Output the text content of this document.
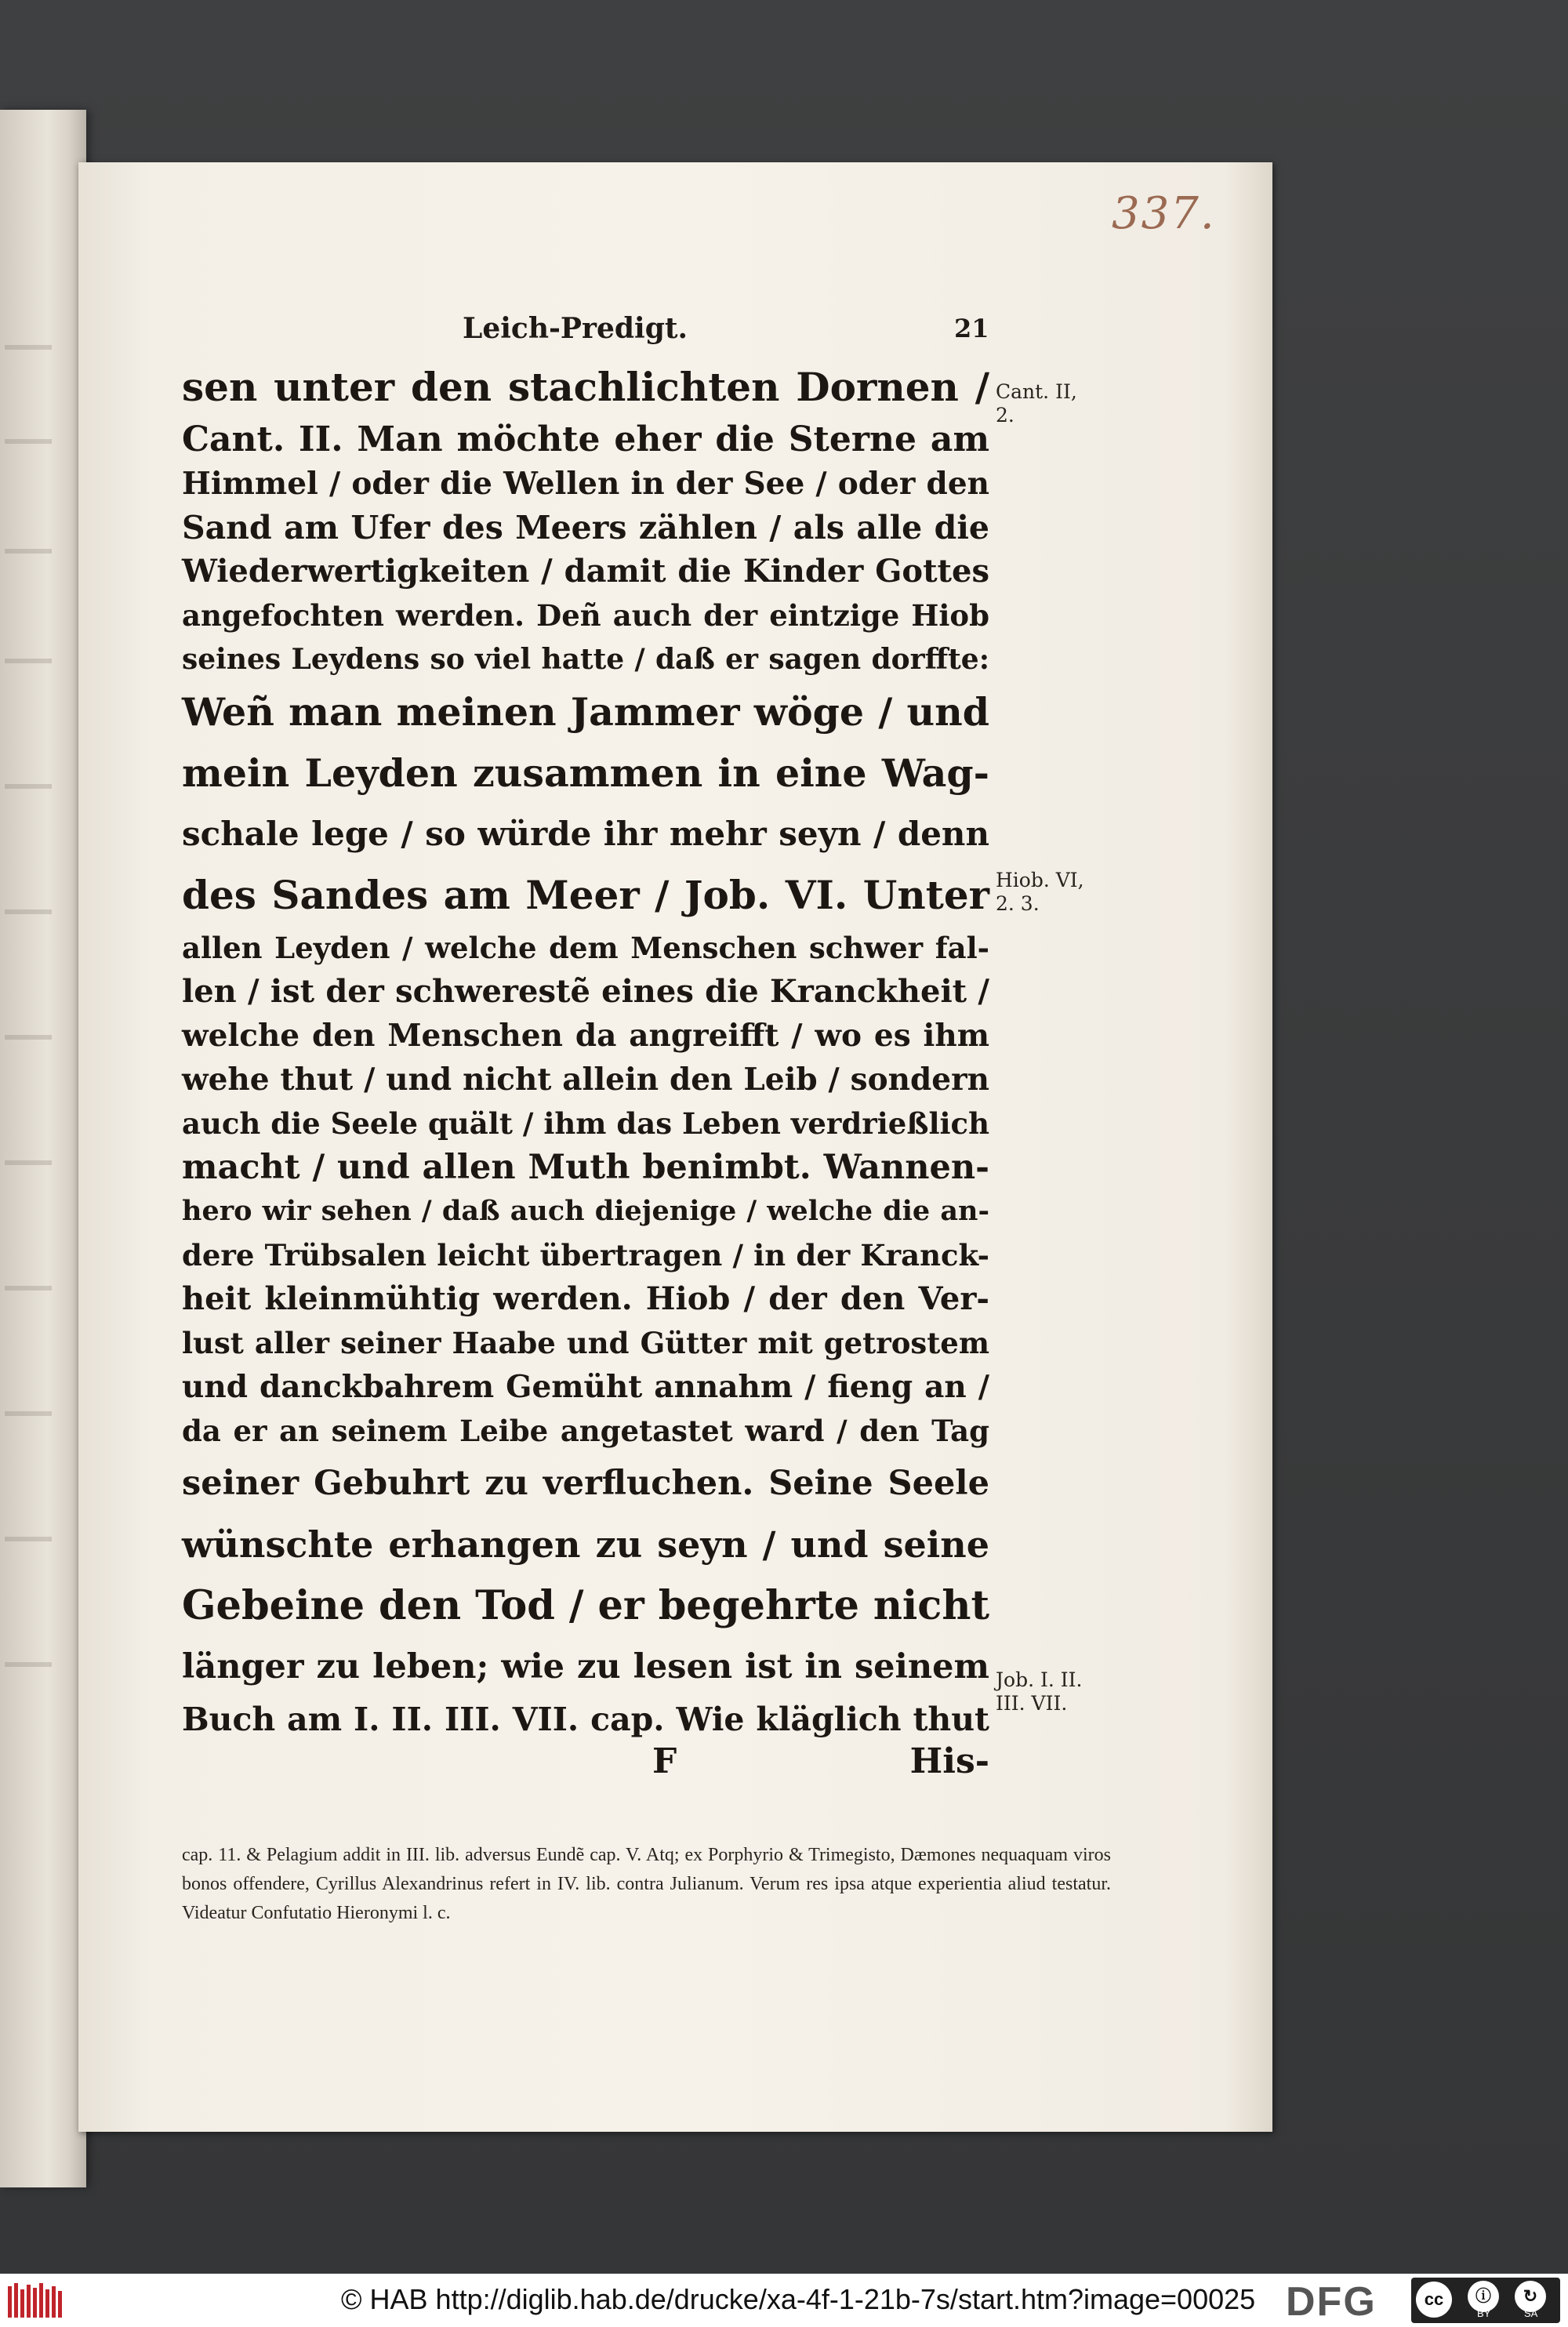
337.
Leich-Predigt.	21
sen unter den stachlichten Dornen /
Cant. II. Man möchte eher die Sterne am
Himmel / oder die Wellen in der See / oder den
Sand am Ufer des Meers zählen / als alle die
Wiederwertigkeiten / damit die Kinder Gottes
angefochten werden. Deñ auch der eintzige Hiob
seines Leydens so viel hatte / daß er sagen dorffte:
Weñ man meinen Jammer wöge / und
mein Leyden zusammen in eine Wag-
schale lege / so würde ihr mehr seyn / denn
des Sandes am Meer / Job. VI. Unter
allen Leyden / welche dem Menschen schwer fal-
len / ist der schwerestẽ eines die Kranckheit /
welche den Menschen da angreifft / wo es ihm
wehe thut / und nicht allein den Leib / sondern
auch die Seele quält / ihm das Leben verdrießlich
macht / und allen Muth benimbt. Wannen-
hero wir sehen / daß auch diejenige / welche die an-
dere Trübsalen leicht übertragen / in der Kranck-
heit kleinmühtig werden. Hiob / der den Ver-
lust aller seiner Haabe und Gütter mit getrostem
und danckbahrem Gemüht annahm / fieng an /
da er an seinem Leibe angetastet ward / den Tag
seiner Gebuhrt zu verfluchen. Seine Seele
wünschte erhangen zu seyn / und seine
Gebeine den Tod / er begehrte nicht
länger zu leben; wie zu lesen ist in seinem
Buch am I. II. III. VII. cap. Wie kläglich thut
F	His-
Cant. II, 2.
Hiob. VI, 2. 3.
Job. I. II. III. VII.
cap. 11. & Pelagium addit in III. lib. adversus Eundẽ cap. V. Atq; ex Porphyrio & Trimegisto, Dæmones nequaquam viros bonos offendere, Cyrillus Alexandrinus refert in IV. lib. contra Julianum. Verum res ipsa atque experientia aliud testatur. Videatur Confutatio Hieronymi l. c.
© HAB http://diglib.hab.de/drucke/xa-4f-1-21b-7s/start.htm?image=00025 DFG	cc	ⓘ	↻
BY	SA
